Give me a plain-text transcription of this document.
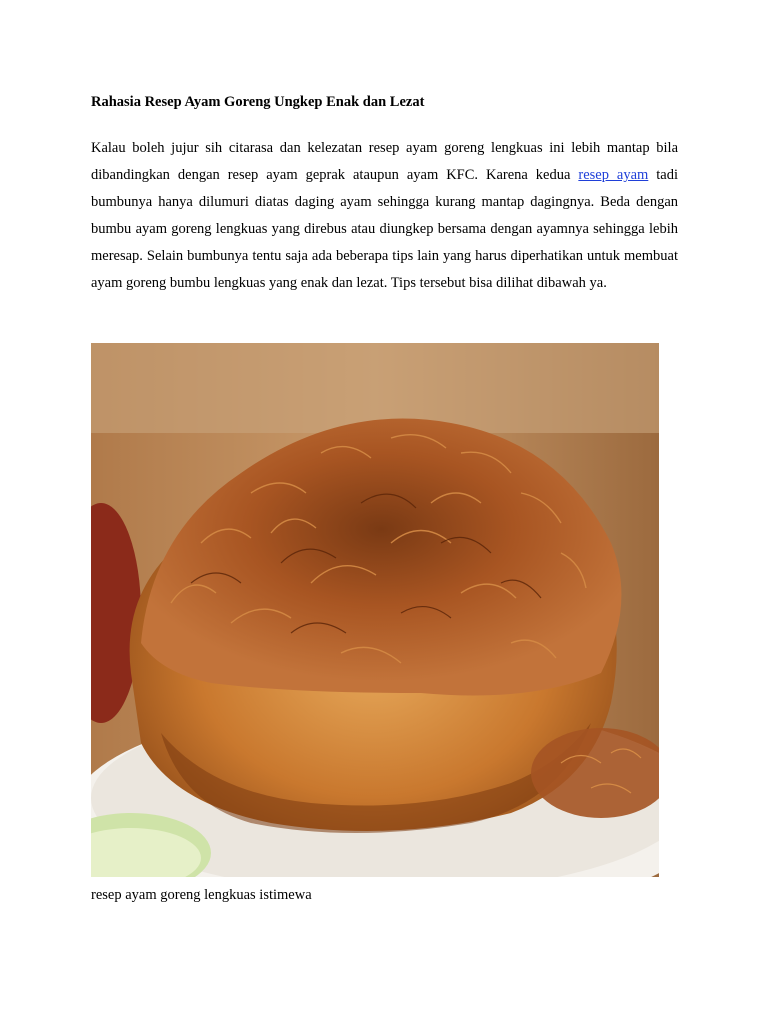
Rahasia Resep Ayam Goreng Ungkep Enak dan Lezat

Kalau boleh jujur sih citarasa dan kelezatan resep ayam goreng lengkuas ini lebih mantap bila dibandingkan dengan resep ayam geprak ataupun ayam KFC. Karena kedua resep ayam tadi bumbunya hanya dilumuri diatas daging ayam sehingga kurang mantap dagingnya. Beda dengan bumbu ayam goreng lengkuas yang direbus atau diungkep bersama dengan ayamnya sehingga lebih meresap. Selain bumbunya tentu saja ada beberapa tips lain yang harus diperhatikan untuk membuat ayam goreng bumbu lengkuas yang enak dan lezat. Tips tersebut bisa dilihat dibawah ya.

resep ayam goreng lengkuas istimewa
